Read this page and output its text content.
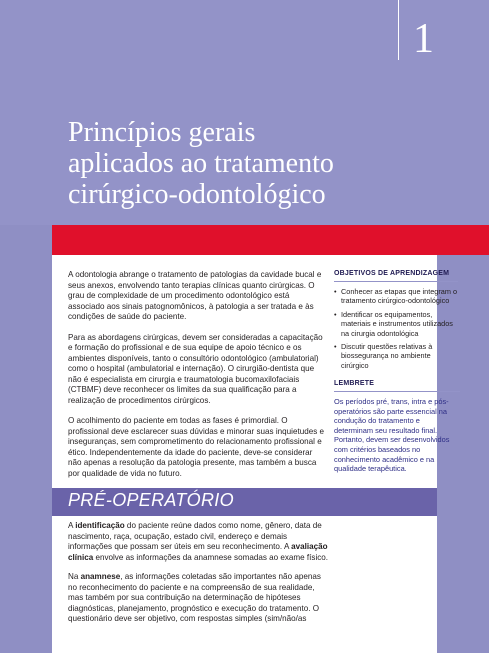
1
Princípios gerais
aplicados ao tratamento
cirúrgico-odontológico

A odontologia abrange o tratamento de patologias da cavidade bucal e seus anexos, envolvendo tanto terapias clínicas quanto cirúrgicas. O grau de complexidade de um procedimento odontológico está associado aos sinais patognomônicos, à patologia a ser tratada e às condições de saúde do paciente.

Para as abordagens cirúrgicas, devem ser consideradas a capacitação e formação do profissional e de sua equipe de apoio técnico e os ambientes disponíveis, tanto o consultório odontológico (ambulatorial) como o hospital (ambulatorial e internação). O cirurgião-dentista que não é especialista em cirurgia e traumatologia bucomaxilofaciais (CTBMF) deve reconhecer os limites da sua qualificação para a realização de procedimentos cirúrgicos.

O acolhimento do paciente em todas as fases é primordial. O profissional deve esclarecer suas dúvidas e minorar suas inquietudes e inseguranças, sem comprometimento do relacionamento profissional e ético. Independentemente da idade do paciente, deve-se considerar não apenas a resolução da patologia presente, mas também a busca por qualidade de vida no futuro.

OBJETIVOS DE APRENDIZAGEM
• Conhecer as etapas que integram o tratamento cirúrgico-odontológico
• Identificar os equipamentos, materiais e instrumentos utilizados na cirurgia odontológica
• Discutir questões relativas à biossegurança no ambiente cirúrgico
LEMBRETE

Os períodos pré, trans, intra e pós-operatórios são parte essencial na condução do tratamento e determinam seu resultado final. Portanto, devem ser desenvolvidos com critérios baseados no conhecimento acadêmico e na qualidade terapêutica.

PRÉ-OPERATÓRIO

A identificação do paciente reúne dados como nome, gênero, data de nascimento, raça, ocupação, estado civil, endereço e demais informações que possam ser úteis em seu reconhecimento. A avaliação clínica envolve as informações da anamnese somadas ao exame físico.

Na anamnese, as informações coletadas são importantes não apenas no reconhecimento do paciente e na compreensão de sua realidade, mas também por sua contribuição na determinação de hipóteses diagnósticas, planejamento, prognóstico e execução do tratamento. O questionário deve ser objetivo, com respostas simples (sim/não/as
